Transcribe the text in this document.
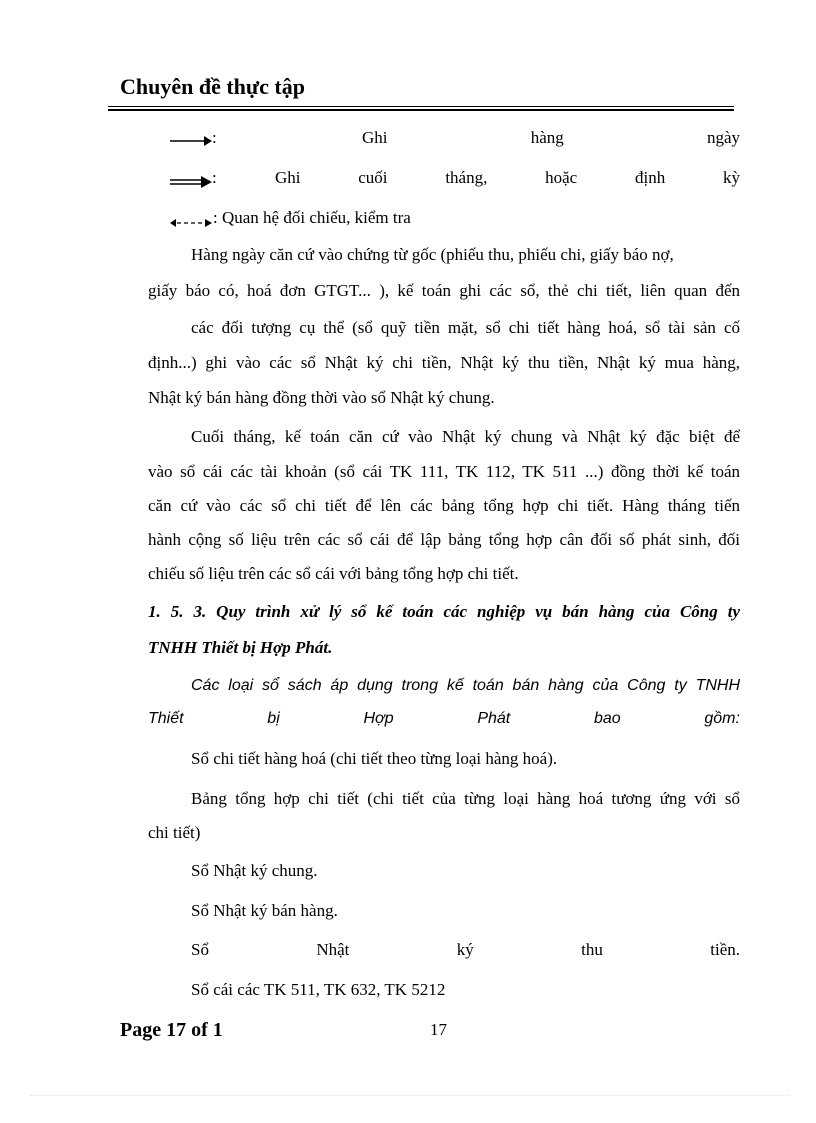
Chuyên đề thực tập
:	Ghi	hàng	ngày
:	Ghi	cuối	tháng,	hoặc	định	kỳ
: Quan hệ đối chiếu, kiểm tra
Hàng ngày căn cứ vào chứng từ gốc (phiếu thu, phiếu chi, giấy báo nợ,
giấy báo có, hoá đơn GTGT... ), kế toán ghi các sổ, thẻ chi tiết, liên quan đến
các đối tượng cụ thể (sổ quỹ tiền mặt, sổ chi tiết hàng hoá, sổ tài sản cố
định...) ghi vào các sổ Nhật ký chi tiền, Nhật ký thu tiền, Nhật ký mua hàng,
Nhật ký bán hàng đồng thời vào sổ Nhật ký chung.
Cuối tháng, kế toán căn cứ vào Nhật ký chung và Nhật ký đặc biệt để
vào sổ cái các tài khoản (sổ cái TK 111, TK 112, TK 511 ...) đồng thời kế toán
căn cứ vào các sổ chi tiết để lên các bảng tổng hợp chi tiết. Hàng tháng tiến
hành cộng số liệu trên các sổ cái để lập bảng tổng hợp cân đối số phát sinh, đối
chiếu số liệu trên các sổ cái với bảng tổng hợp chi tiết.
1. 5. 3. Quy trình xử lý sổ kế toán các nghiệp vụ bán hàng của Công ty
TNHH Thiết bị Hợp Phát.
Các loại sổ sách áp dụng trong kế toán bán hàng của Công ty TNHH
Thiết	bị	Hợp	Phát	bao	gồm:
Sổ chi tiết hàng hoá (chi tiết theo từng loại hàng hoá).
Bảng tổng hợp chi tiết (chi tiết của từng loại hàng hoá tương ứng với sổ
chi tiết)
Sổ Nhật ký chung.
Sổ Nhật ký bán hàng.
Sổ	Nhật	ký	thu	tiền.
Sổ cái các TK 511, TK 632, TK 5212
Page 17 of 1	17
